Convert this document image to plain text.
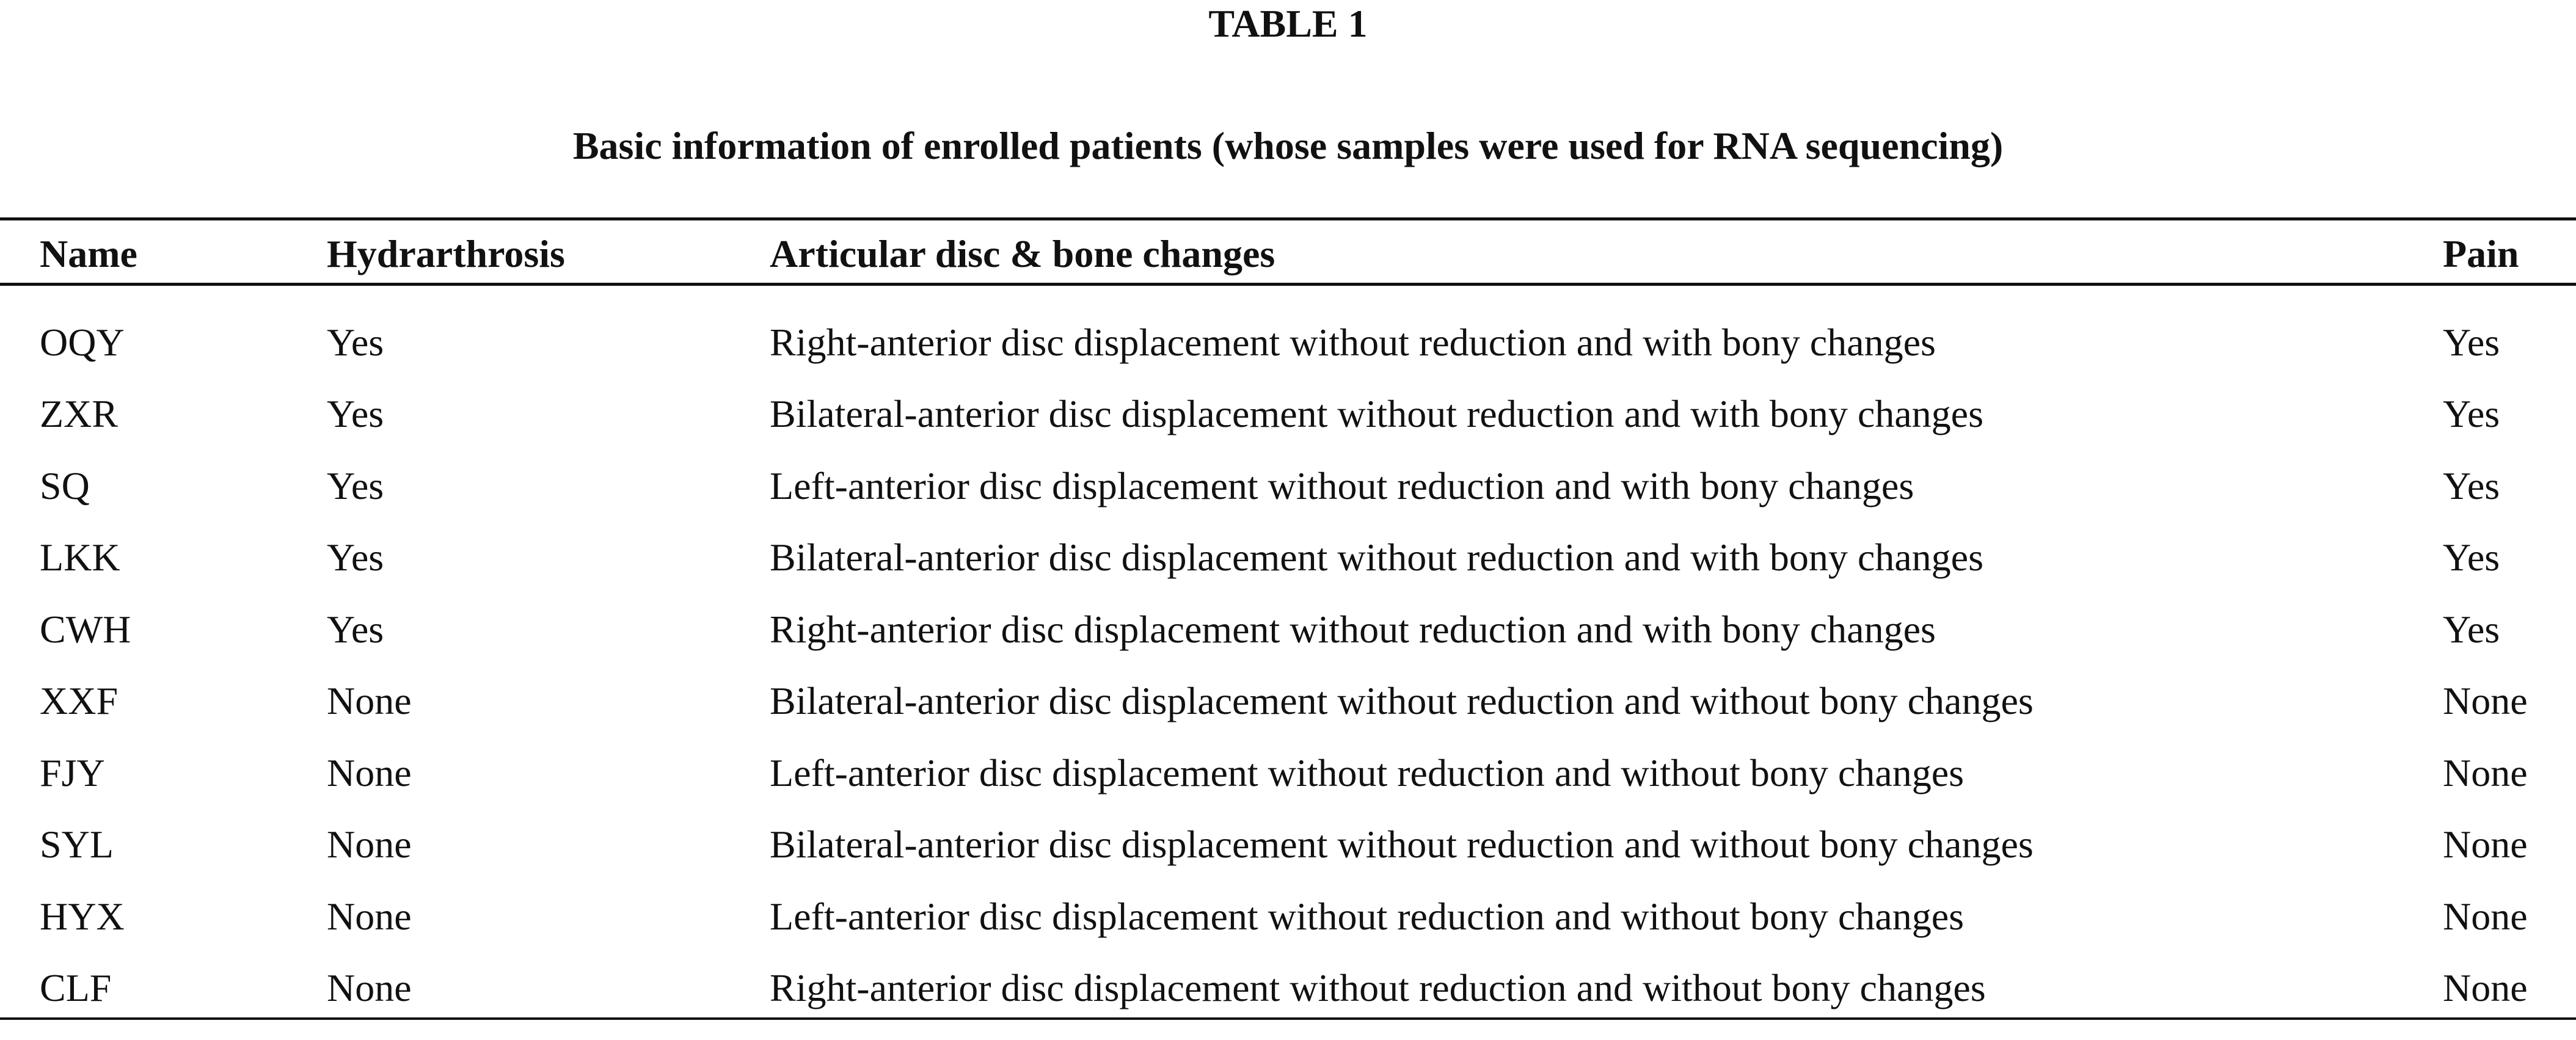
TABLE 1
Basic information of enrolled patients (whose samples were used for RNA sequencing)
Name	Hydrarthrosis	Articular disc & bone changes	Pain
OQY	Yes	Right-anterior disc displacement without reduction and with bony changes	Yes
ZXR	Yes	Bilateral-anterior disc displacement without reduction and with bony changes	Yes
SQ	Yes	Left-anterior disc displacement without reduction and with bony changes	Yes
LKK	Yes	Bilateral-anterior disc displacement without reduction and with bony changes	Yes
CWH	Yes	Right-anterior disc displacement without reduction and with bony changes	Yes
XXF	None	Bilateral-anterior disc displacement without reduction and without bony changes	None
FJY	None	Left-anterior disc displacement without reduction and without bony changes	None
SYL	None	Bilateral-anterior disc displacement without reduction and without bony changes	None
HYX	None	Left-anterior disc displacement without reduction and without bony changes	None
CLF	None	Right-anterior disc displacement without reduction and without bony changes	None
